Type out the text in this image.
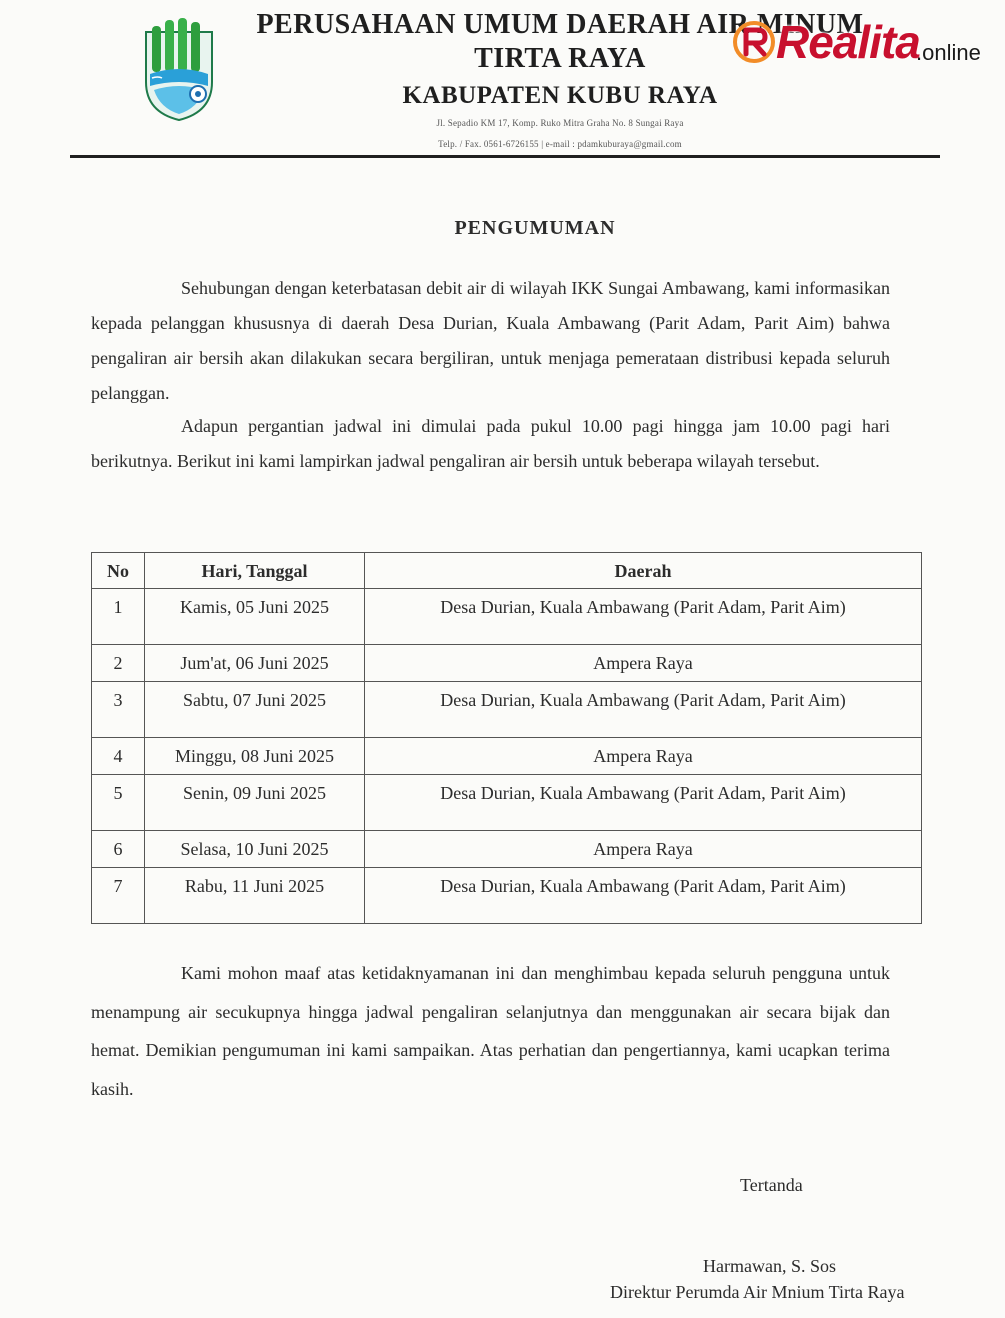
PERUSAHAAN UMUM DAERAH AIR MINUM
TIRTA RAYA
KABUPATEN KUBU RAYA
Jl. Sepadio KM 17, Komp. Ruko Mitra Graha No. 8 Sungai Raya
Telp. / Fax. 0561-6726155 | e-mail : pdamkuburaya@gmail.com
Realita
.online
PENGUMUMAN

Sehubungan dengan keterbatasan debit air di wilayah IKK Sungai Ambawang, kami informasikan kepada pelanggan khususnya di daerah Desa Durian, Kuala Ambawang (Parit Adam, Parit Aim) bahwa pengaliran air bersih akan dilakukan secara bergiliran, untuk menjaga pemerataan distribusi kepada seluruh pelanggan.

Adapun pergantian jadwal ini dimulai pada pukul 10.00 pagi hingga jam 10.00 pagi hari berikutnya. Berikut ini kami lampirkan jadwal pengaliran air bersih untuk beberapa wilayah tersebut.

No	Hari, Tanggal	Daerah
1	Kamis, 05 Juni 2025	Desa Durian, Kuala Ambawang (Parit Adam, Parit Aim)
2	Jum'at, 06 Juni 2025	Ampera Raya
3	Sabtu, 07 Juni 2025	Desa Durian, Kuala Ambawang (Parit Adam, Parit Aim)
4	Minggu, 08 Juni 2025	Ampera Raya
5	Senin, 09 Juni 2025	Desa Durian, Kuala Ambawang (Parit Adam, Parit Aim)
6	Selasa, 10 Juni 2025	Ampera Raya
7	Rabu, 11 Juni 2025	Desa Durian, Kuala Ambawang (Parit Adam, Parit Aim)

Kami mohon maaf atas ketidaknyamanan ini dan menghimbau kepada seluruh pengguna untuk menampung air secukupnya hingga jadwal pengaliran selanjutnya dan menggunakan air secara bijak dan hemat. Demikian pengumuman ini kami sampaikan. Atas perhatian dan pengertiannya, kami ucapkan terima kasih.

Tertanda
Harmawan, S. Sos
Direktur Perumda Air Mnium Tirta Raya
